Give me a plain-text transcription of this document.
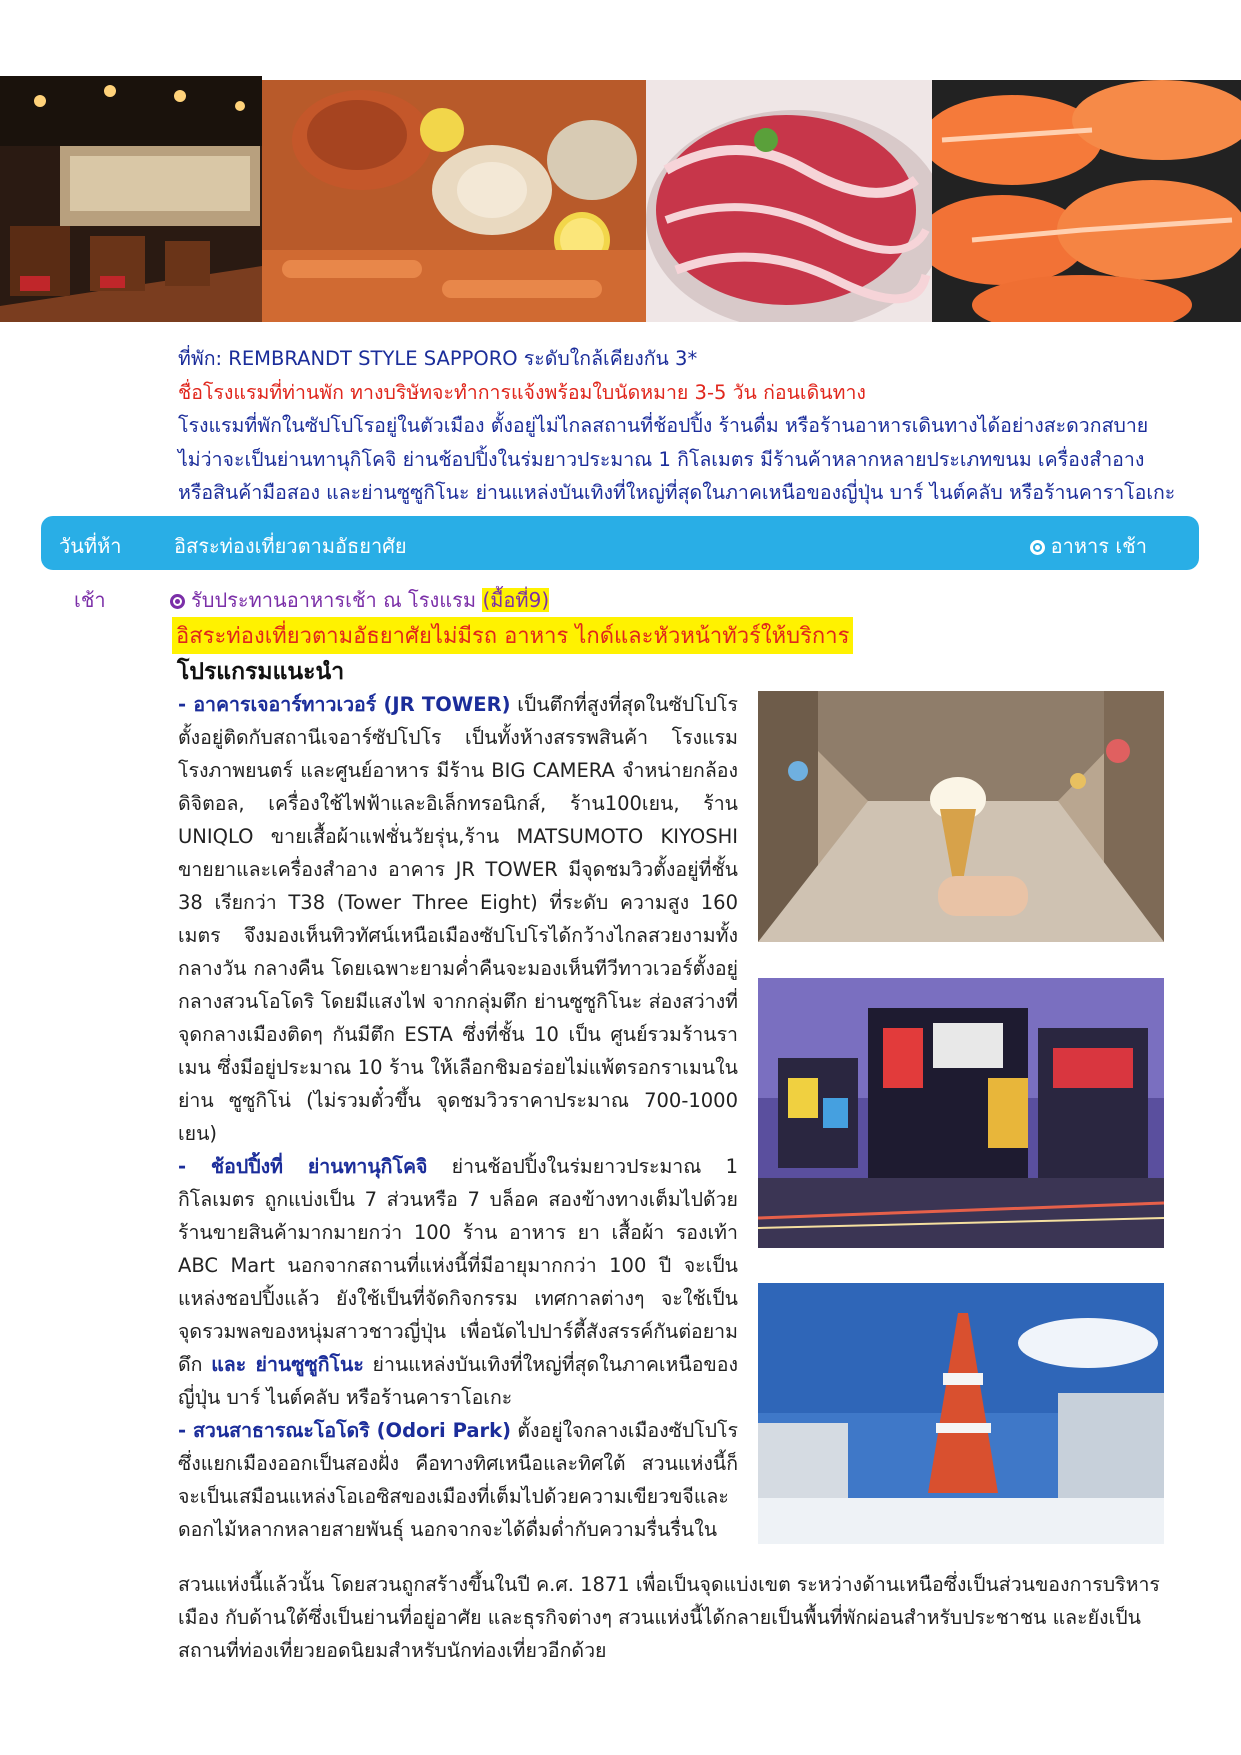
ที่พัก: REMBRANDT STYLE SAPPORO ระดับใกล้เคียงกัน 3*
ชื่อโรงแรมที่ท่านพัก ทางบริษัทจะทำการแจ้งพร้อมใบนัดหมาย 3-5 วัน ก่อนเดินทาง
โรงแรมที่พักในซัปโปโรอยู่ในตัวเมือง ตั้งอยู่ไม่ไกลสถานที่ช้อปปิ้ง ร้านดื่ม หรือร้านอาหารเดินทางได้อย่างสะดวกสบาย
ไม่ว่าจะเป็นย่านทานุกิโคจิ ย่านช้อปปิ้งในร่มยาวประมาณ 1 กิโลเมตร มีร้านค้าหลากหลายประเภทขนม เครื่องสำอาง
หรือสินค้ามือสอง และย่านซูซูกิโนะ ย่านแหล่งบันเทิงที่ใหญ่ที่สุดในภาคเหนือของญี่ปุ่น บาร์ ไนต์คลับ หรือร้านคาราโอเกะ
วันที่ห้า	อิสระท่องเที่ยวตามอัธยาศัย	อาหาร เช้า
เช้า	รับประทานอาหารเช้า ณ โรงแรม (มื้อที่9)
อิสระท่องเที่ยวตามอัธยาศัยไม่มีรถ อาหาร ไกด์และหัวหน้าทัวร์ให้บริการ
โปรแกรมแนะนำ

- อาคารเจอาร์ทาวเวอร์ (JR TOWER) เป็นตึกที่สูงที่สุดในซัปโปโร ตั้งอยู่ติดกับสถานีเจอาร์ซัปโปโร เป็นทั้งห้างสรรพสินค้า โรงแรม โรงภาพยนตร์ และศูนย์อาหาร มีร้าน BIG CAMERA จำหน่ายกล้องดิจิตอล, เครื่องใช้ไฟฟ้าและอิเล็กทรอนิกส์, ร้าน100เยน, ร้าน UNIQLO ขายเสื้อผ้าแฟชั่นวัยรุ่น,ร้าน MATSUMOTO KIYOSHI ขายยาและเครื่องสำอาง อาคาร JR TOWER มีจุดชมวิวตั้งอยู่ที่ชั้น 38 เรียกว่า T38 (Tower Three Eight) ที่ระดับ ความสูง 160 เมตร จึงมองเห็นทิวทัศน์เหนือเมืองซัปโปโรได้กว้างไกลสวยงามทั้งกลางวัน กลางคืน โดยเฉพาะยามค่ำคืนจะมองเห็นทีวีทาวเวอร์ตั้งอยู่กลางสวนโอโดริ โดยมีแสงไฟ จากกลุ่มตึก ย่านซูซูกิโนะ ส่องสว่างที่จุดกลางเมืองติดๆ กันมีตึก ESTA ซึ่งที่ชั้น 10 เป็น ศูนย์รวมร้านราเมน ซึ่งมีอยู่ประมาณ 10 ร้าน ให้เลือกชิมอร่อยไม่แพ้ตรอกราเมนในย่าน ซูซูกิโน่ (ไม่รวมตั๋วขึ้น จุดชมวิวราคาประมาณ 700-1000 เยน)

- ช้อปปิ้งที่ ย่านทานุกิโคจิ ย่านช้อปปิ้งในร่มยาวประมาณ 1 กิโลเมตร ถูกแบ่งเป็น 7 ส่วนหรือ 7 บล็อค สองข้างทางเต็มไปด้วยร้านขายสินค้ามากมายกว่า 100 ร้าน อาหาร ยา เสื้อผ้า รองเท้า ABC Mart นอกจากสถานที่แห่งนี้ที่มีอายุมากกว่า 100 ปี จะเป็นแหล่งชอปปิ้งแล้ว ยังใช้เป็นที่จัดกิจกรรม เทศกาลต่างๆ จะใช้เป็นจุดรวมพลของหนุ่มสาวชาวญี่ปุ่น เพื่อนัดไปปาร์ตี้สังสรรค์กันต่อยามดึก และ ย่านซูซูกิโนะ ย่านแหล่งบันเทิงที่ใหญ่ที่สุดในภาคเหนือของญี่ปุ่น บาร์ ไนต์คลับ หรือร้านคาราโอเกะ

- สวนสาธารณะโอโดริ (Odori Park) ตั้งอยู่ใจกลางเมืองซัปโปโร ซึ่งแยกเมืองออกเป็นสองฝั่ง คือทางทิศเหนือและทิศใต้ สวนแห่งนี้ก็จะเป็นเสมือนแหล่งโอเอซิสของเมืองที่เต็มไปด้วยความเขียวขจีและดอกไม้หลากหลายสายพันธุ์ นอกจากจะได้ดื่มด่ำกับความรื่นรื่นใน

สวนแห่งนี้แล้วนั้น โดยสวนถูกสร้างขึ้นในปี ค.ศ. 1871 เพื่อเป็นจุดแบ่งเขต ระหว่างด้านเหนือซึ่งเป็นส่วนของการบริหารเมือง กับด้านใต้ซึ่งเป็นย่านที่อยู่อาศัย และธุรกิจต่างๆ สวนแห่งนี้ได้กลายเป็นพื้นที่พักผ่อนสำหรับประชาชน และยังเป็นสถานที่ท่องเที่ยวยอดนิยมสำหรับนักท่องเที่ยวอีกด้วย
